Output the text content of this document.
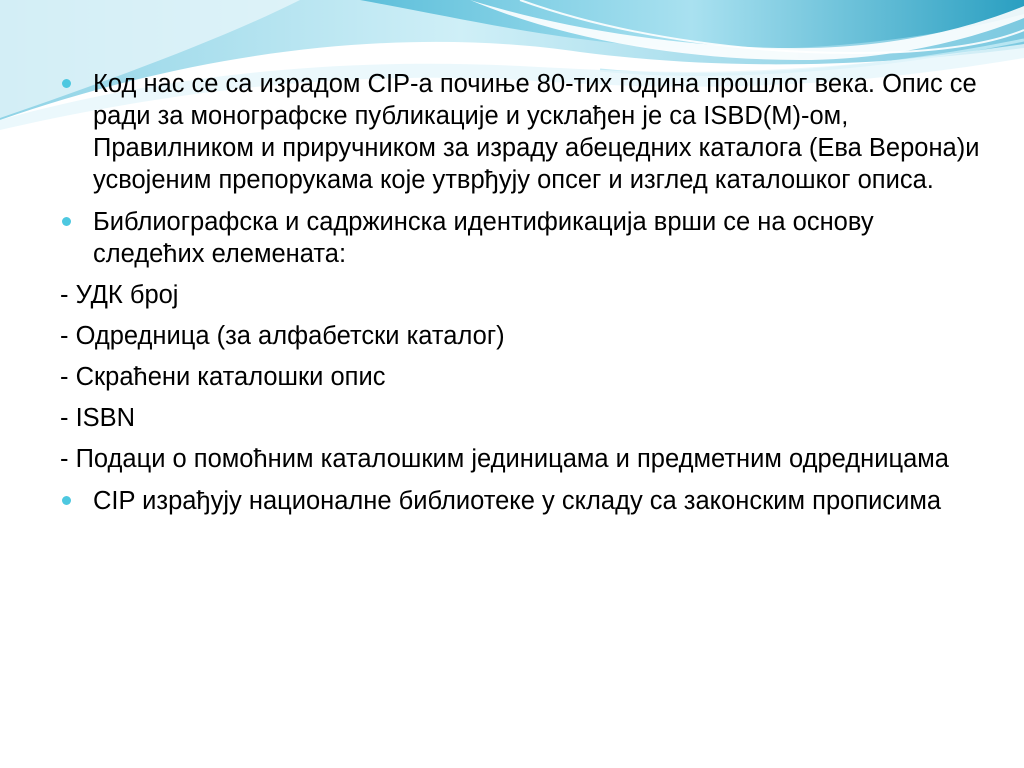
Код нас се са израдом CIP-а почиње 80-тих година прошлог века. Опис се ради за монографске публикације и усклађен је са ISBD(M)-ом, Правилником и приручником за израду абецедних каталога (Ева Верона)и усвојеним препорукама које утврђују опсег и изглед каталошког описа.

Библиографска и садржинска идентификација врши се на основу следећих елемената:

- УДК број

- Одредница (за алфабетски каталог)

- Скраћени каталошки опис

- ISBN

- Подаци о помоћним каталошким јединицама и предметним одредницама

CIP израђују националне библиотеке у складу са законским прописима
